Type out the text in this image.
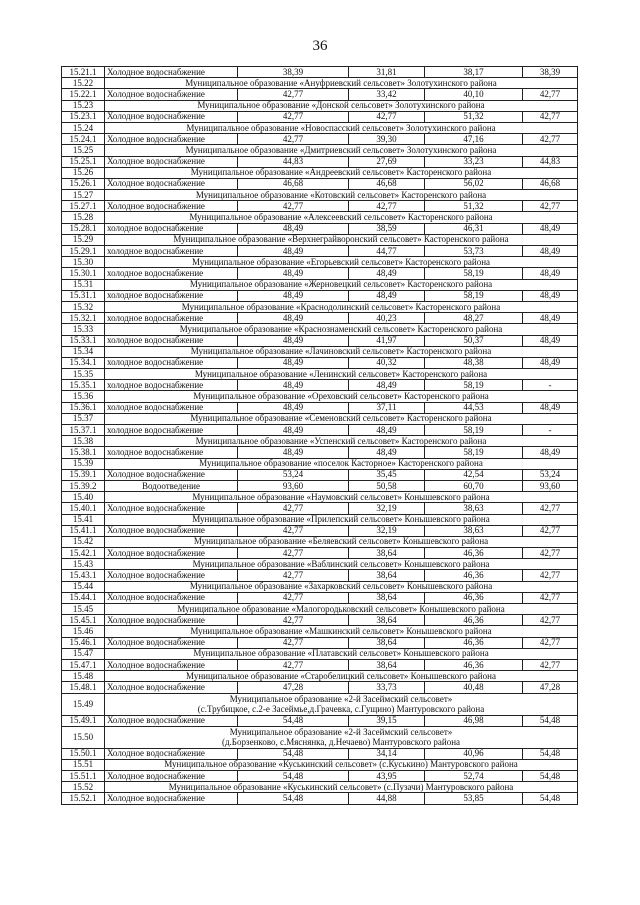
36
15.21.1	Холодное водоснабжение	38,39	31,81	38,17	38,39
15.22	Муниципальное образование «Ануфриевский сельсовет» Золотухинского района				
15.22.1	Холодное водоснабжение	42,77	33,42	40,10	42,77
15.23	Муниципальное образование «Донской сельсовет» Золотухинского района				
15.23.1	Холодное водоснабжение	42,77	42,77	51,32	42,77
15.24	Муниципальное образование «Новоспасский сельсовет» Золотухинского района				
15.24.1	Холодное водоснабжение	42,77	39,30	47,16	42,77
15.25	Муниципальное образование «Дмитриевский сельсовет» Золотухинского района				
15.25.1	Холодное водоснабжение	44,83	27,69	33,23	44,83
15.26	Муниципальное образование «Андреевский сельсовет» Касторенского района				
15.26.1	Холодное водоснабжение	46,68	46,68	56,02	46,68
15.27	Муниципальное образование «Котовский сельсовет» Касторенского района				
15.27.1	Холодное водоснабжение	42,77	42,77	51,32	42,77
15.28	Муниципальное образование «Алексеевский сельсовет» Касторенского района				
15.28.1	холодное водоснабжение	48,49	38,59	46,31	48,49
15.29	Муниципальное образование «Верхнеграйворонский сельсовет» Касторенского района				
15.29.1	холодное водоснабжение	48,49	44,77	53,73	48,49
15.30	Муниципальное образование «Егорьевский сельсовет» Касторенского района				
15.30.1	холодное водоснабжение	48,49	48,49	58,19	48,49
15.31	Муниципальное образование «Жерновецкий сельсовет» Касторенского района				
15.31.1	холодное водоснабжение	48,49	48,49	58,19	48,49
15.32	Муниципальное образование «Краснодолинский сельсовет» Касторенского района				
15.32.1	холодное водоснабжение	48,49	40,23	48,27	48,49
15.33	Муниципальное образование «Краснознаменский сельсовет» Касторенского района				
15.33.1	холодное водоснабжение	48,49	41,97	50,37	48,49
15.34	Муниципальное образование «Лачиновский сельсовет» Касторенского района				
15.34.1	холодное водоснабжение	48,49	40,32	48,38	48,49
15.35	Муниципальное образование «Ленинский сельсовет» Касторенского района				
15.35.1	холодное водоснабжение	48,49	48,49	58,19	-
15.36	Муниципальное образование «Ореховский сельсовет» Касторенского района				
15.36.1	холодное водоснабжение	48,49	37,11	44,53	48,49
15.37	Муниципальное образование «Семеновский сельсовет» Касторенского района				
15.37.1	холодное водоснабжение	48,49	48,49	58,19	-
15.38	Муниципальное образование «Успенский сельсовет» Касторенского района				
15.38.1	холодное водоснабжение	48,49	48,49	58,19	48,49
15.39	Муниципальное образование «поселок Касторное» Касторенского района				
15.39.1	Холодное водоснабжение	53,24	35,45	42,54	53,24
15.39.2	Водоотведение	93,60	50,58	60,70	93,60
15.40	Муниципальное образование «Наумовский сельсовет» Конышевского района				
15.40.1	Холодное водоснабжение	42,77	32,19	38,63	42,77
15.41	Муниципальное образование «Прилепский сельсовет» Конышевского района				
15.41.1	Холодное водоснабжение	42,77	32,19	38,63	42,77
15.42	Муниципальное образование «Беляевский сельсовет» Конышевского района				
15.42.1	Холодное водоснабжение	42,77	38,64	46,36	42,77
15.43	Муниципальное образование «Ваблинский сельсовет» Конышевского района				
15.43.1	Холодное водоснабжение	42,77	38,64	46,36	42,77
15.44	Муниципальное образование «Захарковский сельсовет» Конышевского района				
15.44.1	Холодное водоснабжение	42,77	38,64	46,36	42,77
15.45	Муниципальное образование «Малогородьковский сельсовет» Конышевского района				
15.45.1	Холодное водоснабжение	42,77	38,64	46,36	42,77
15.46	Муниципальное образование «Машкинский сельсовет» Конышевского района				
15.46.1	Холодное водоснабжение	42,77	38,64	46,36	42,77
15.47	Муниципальное образование «Платавский сельсовет» Конышевского района				
15.47.1	Холодное водоснабжение	42,77	38,64	46,36	42,77
15.48	Муниципальное образование «Старобелицкий сельсовет» Конышевского района				
15.48.1	Холодное водоснабжение	47,28	33,73	40,48	47,28
15.49	Муниципальное образование «2-й Засеймский сельсовет»
(с.Трубицкое, с.2-е Засеймье,д.Грачевка, с.Гущино) Мантуровского района				

15.49.1	Холодное водоснабжение	54,48	39,15	46,98	54,48
15.50	Муниципальное образование «2-й Засеймский сельсовет»
(д.Борзенково, с.Мяснянка, д.Нечаево) Мантуровского района				

15.50.1	Холодное водоснабжение	54,48	34,14	40,96	54,48
15.51	Муниципальное образование «Куськинский сельсовет» (с.Куськино) Мантуровского района				
15.51.1	Холодное водоснабжение	54,48	43,95	52,74	54,48
15.52	Муниципальное образование «Куськинский сельсовет» (с.Пузачи) Мантуровского района				
15.52.1	Холодное водоснабжение	54,48	44,88	53,85	54,48
